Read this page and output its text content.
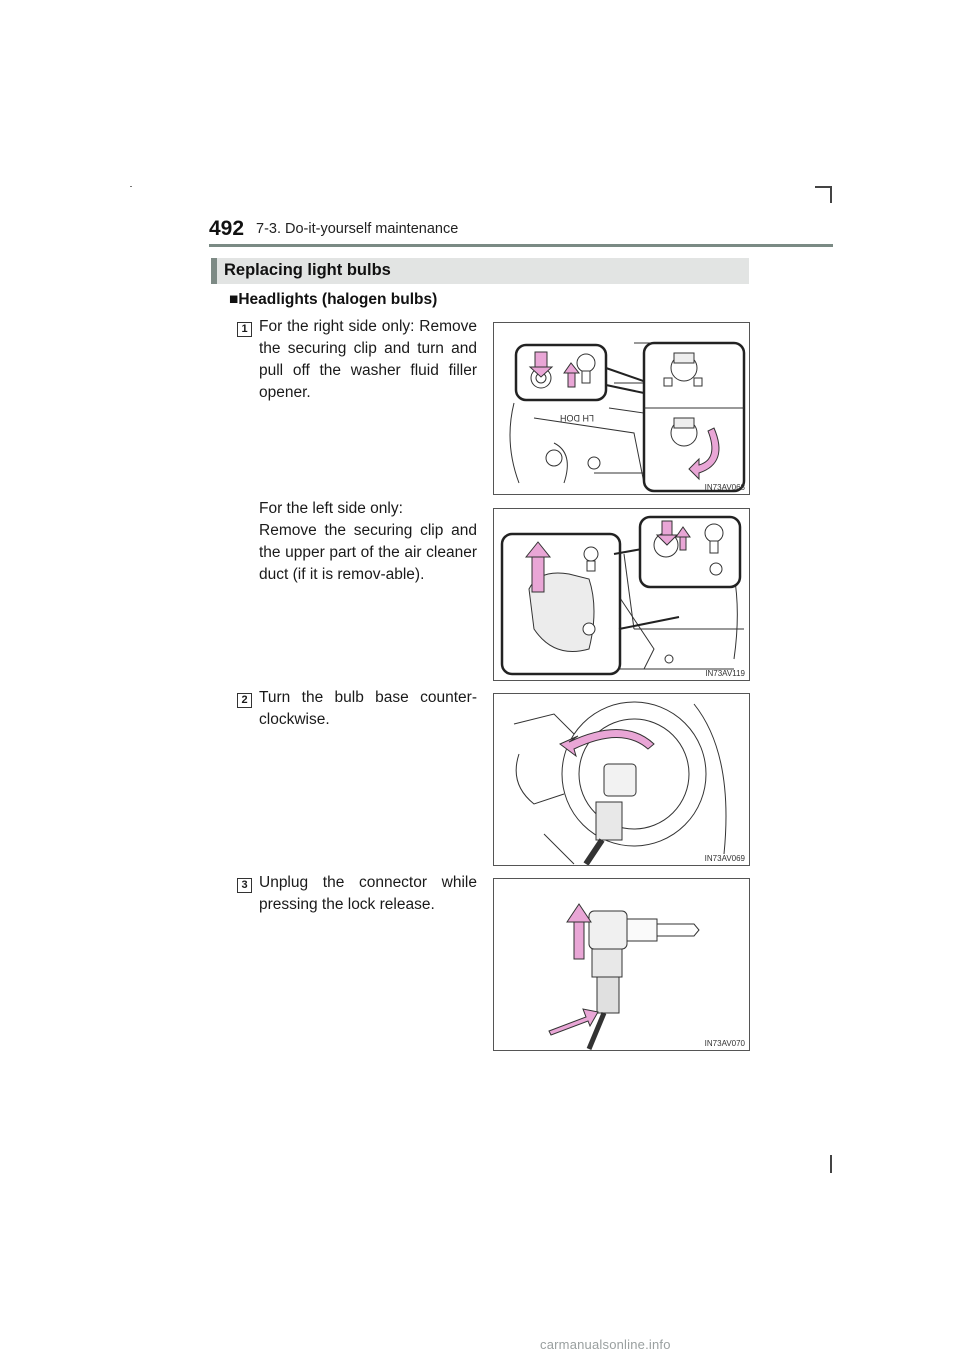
492 7-3. Do-it-yourself maintenance
Replacing light bulbs
■Headlights (halogen bulbs)
1 For the right side only: Remove the securing clip and turn and pull off the washer fluid filler opener.
For the left side only:
Remove the securing clip and the upper part of the air cleaner duct (if it is remov-able).
LH DOH
IN73AV068
IN73AV119
2 Turn the bulb base counter-clockwise.
IN73AV069
3 Unplug the connector while pressing the lock release.
IN73AV070
carmanualsonline.info
